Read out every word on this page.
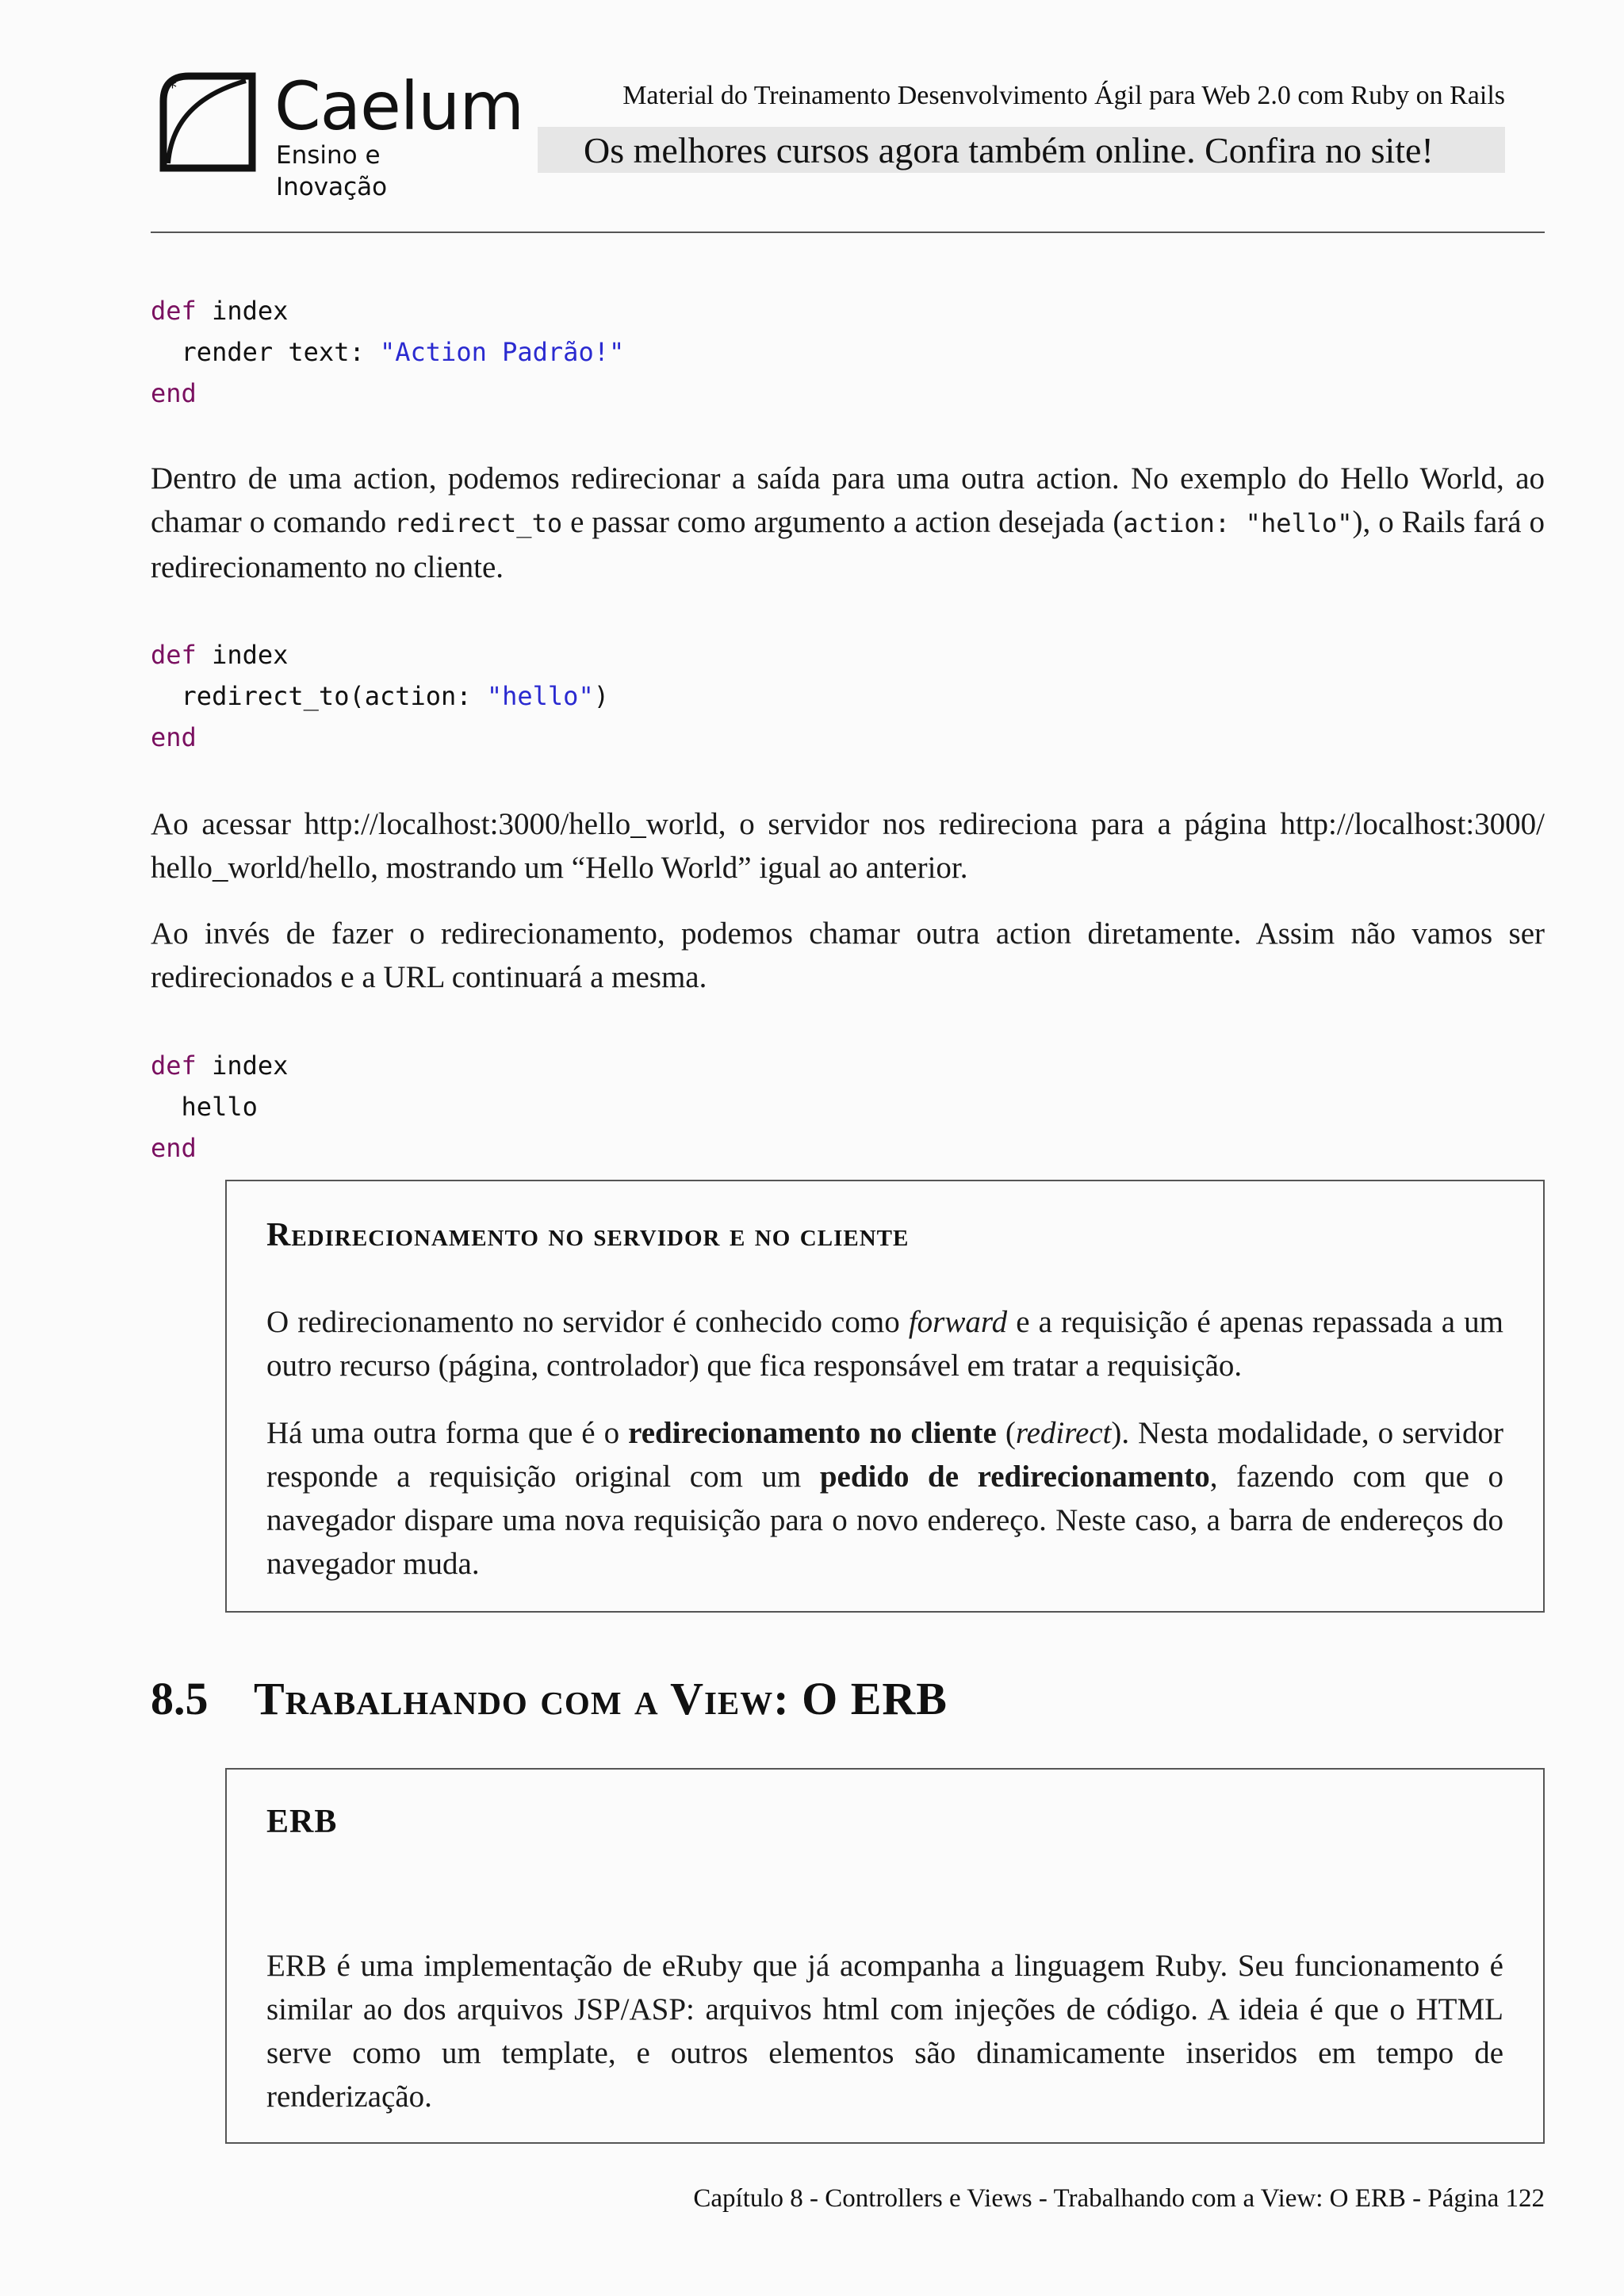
* Caelum
Ensino e Inovação
Material do Treinamento Desenvolvimento Ágil para Web 2.0 com Ruby on Rails
Os melhores cursos agora também online. Confira no site!
def index
render text: "Action Padrão!"
end
Dentro de uma action, podemos redirecionar a saída para uma outra action. No exemplo do Hello World, ao chamar o comando redirect_to e passar como argumento a action desejada (action: "hello"), o Rails fará o redirecionamento no cliente.
def index
redirect_to(action: "hello")
end
Ao acessar http://localhost:3000/hello_world, o servidor nos redireciona para a página http://localhost:3000/ hello_world/hello, mostrando um “Hello World” igual ao anterior.
Ao invés de fazer o redirecionamento, podemos chamar outra action diretamente. Assim não vamos ser redirecionados e a URL continuará a mesma.
def index
hello
end
Redirecionamento no servidor e no cliente

O redirecionamento no servidor é conhecido como forward e a requisição é apenas repassada a um outro recurso (página, controlador) que fica responsável em tratar a requisição.

Há uma outra forma que é o redirecionamento no cliente (redirect). Nesta modalidade, o servidor responde a requisição original com um pedido de redirecionamento, fazendo com que o navegador dispare uma nova requisição para o novo endereço. Neste caso, a barra de endereços do navegador muda.

8.5 Trabalhando com a View: O ERB
ERB
ERB é uma implementação de eRuby que já acompanha a linguagem Ruby. Seu funcionamento é similar ao dos arquivos JSP/ASP: arquivos html com injeções de código. A ideia é que o HTML serve como um template, e outros elementos são dinamicamente inseridos em tempo de renderização.
Capítulo 8 - Controllers e Views - Trabalhando com a View: O ERB - Página 122
